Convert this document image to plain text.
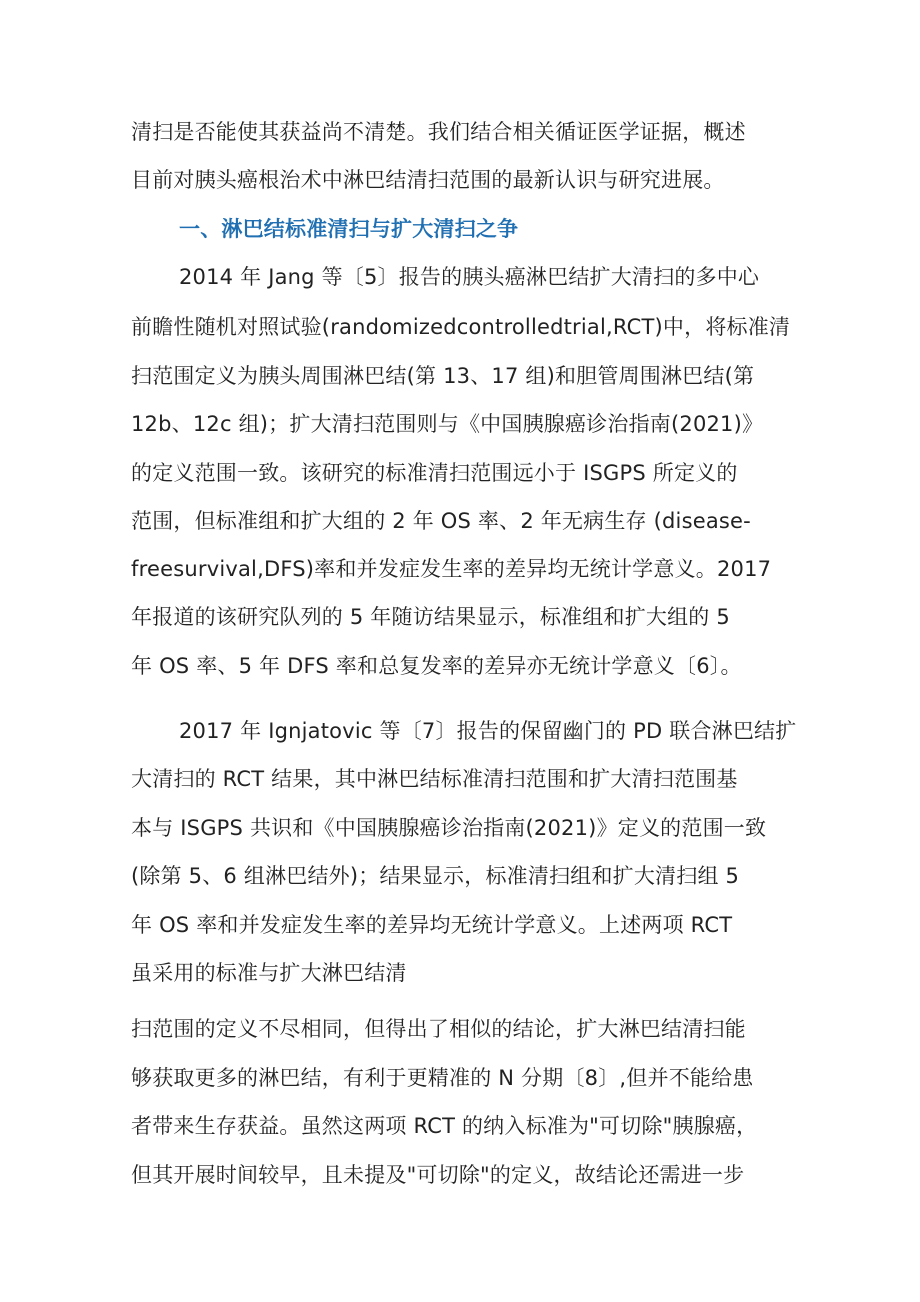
清扫是否能使其获益尚不清楚。我们结合相关循证医学证据，概述
目前对胰头癌根治术中淋巴结清扫范围的最新认识与研究进展。
一、淋巴结标准清扫与扩大清扫之争
2014 年 Jang 等〔5〕报告的胰头癌淋巴结扩大清扫的多中心
前瞻性随机对照试验(randomizedcontrolledtrial,RCT)中，将标准清
扫范围定义为胰头周围淋巴结(第 13、17 组)和胆管周围淋巴结(第
12b、12c 组)；扩大清扫范围则与《中国胰腺癌诊治指南(2021)》
的定义范围一致。该研究的标准清扫范围远小于 ISGPS 所定义的
范围，但标准组和扩大组的 2 年 OS 率、2 年无病生存 (disease-
freesurvival,DFS)率和并发症发生率的差异均无统计学意义。2017
年报道的该研究队列的 5 年随访结果显示，标准组和扩大组的 5
年 OS 率、5 年 DFS 率和总复发率的差异亦无统计学意义〔6〕。
2017 年 Ignjatovic 等〔7〕报告的保留幽门的 PD 联合淋巴结扩
大清扫的 RCT 结果，其中淋巴结标准清扫范围和扩大清扫范围基
本与 ISGPS 共识和《中国胰腺癌诊治指南(2021)》定义的范围一致
(除第 5、6 组淋巴结外)；结果显示，标准清扫组和扩大清扫组 5
年 OS 率和并发症发生率的差异均无统计学意义。上述两项 RCT
虽采用的标准与扩大淋巴结清
扫范围的定义不尽相同，但得出了相似的结论，扩大淋巴结清扫能
够获取更多的淋巴结，有利于更精准的 N 分期〔8〕,但并不能给患
者带来生存获益。虽然这两项 RCT 的纳入标准为"可切除"胰腺癌，
但其开展时间较早，且未提及"可切除"的定义，故结论还需进一步
